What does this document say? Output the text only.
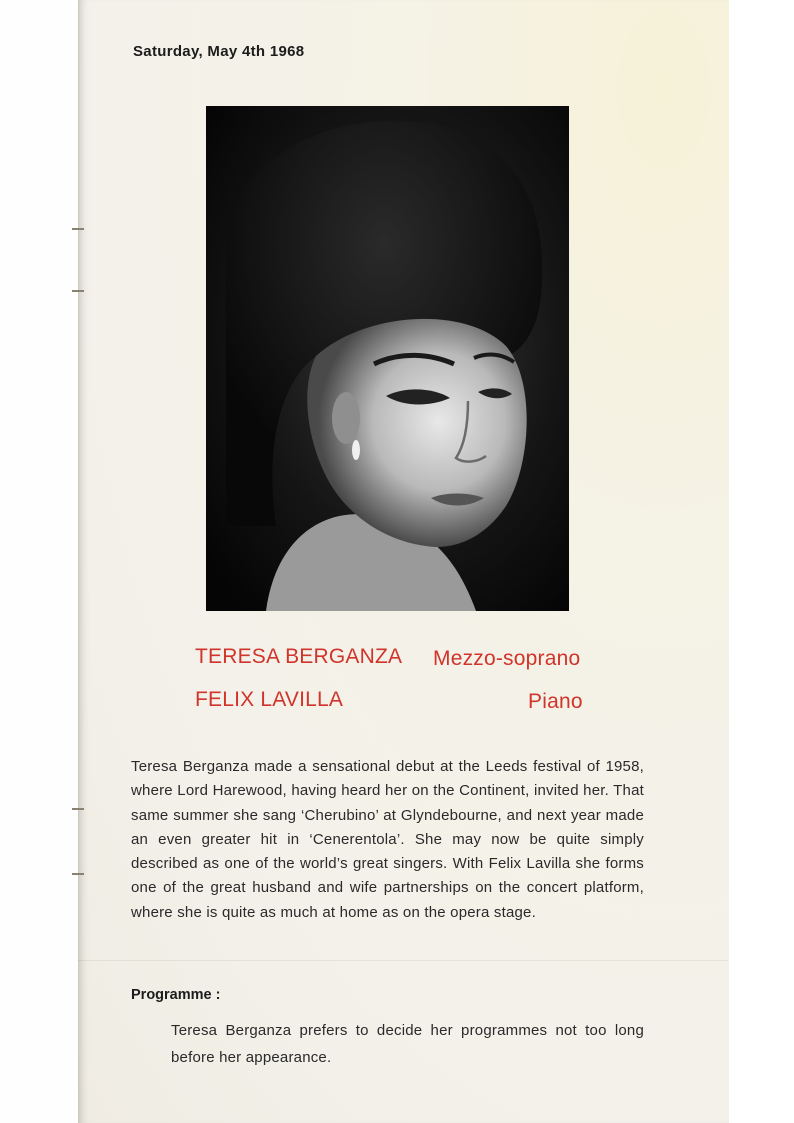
Saturday, May 4th 1968
TERESA BERGANZA Mezzo-soprano
FELIX LAVILLA	Piano
Teresa Berganza made a sensational debut at the Leeds festival of 1958, where Lord Harewood, having heard her on the Continent, invited her. That same summer she sang ‘Cherubino’ at Glyndebourne, and next year made an even greater hit in ‘Cenerentola’. She may now be quite simply described as one of the world’s great singers. With Felix Lavilla she forms one of the great husband and wife partnerships on the concert platform, where she is quite as much at home as on the opera stage.
Programme :
Teresa Berganza prefers to decide her programmes not too long before her appearance.
